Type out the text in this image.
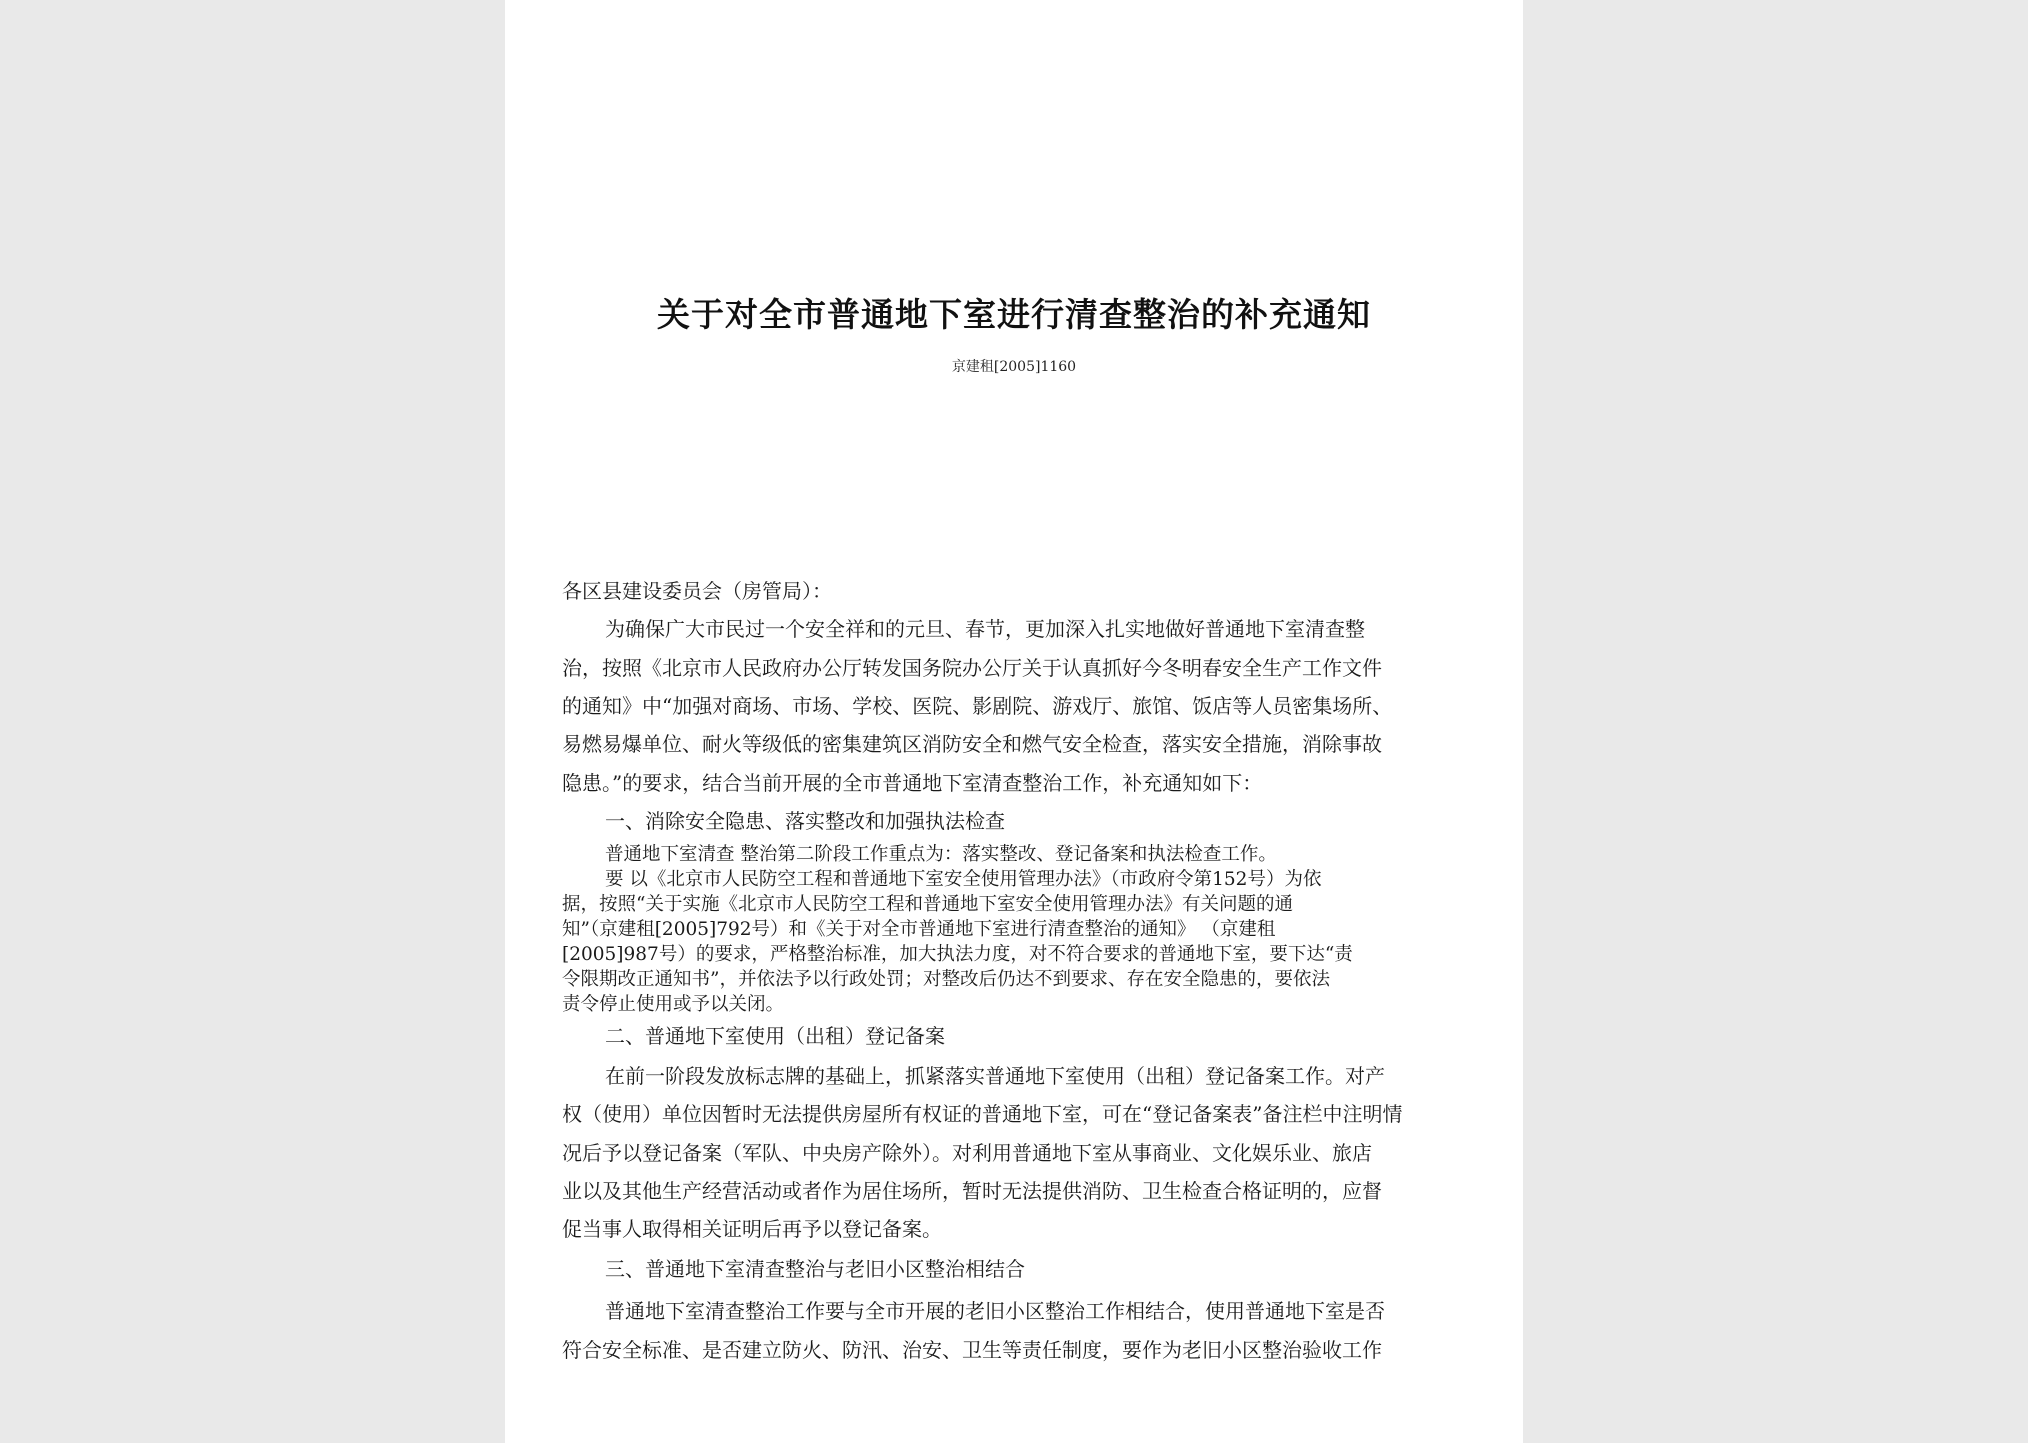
关于对全市普通地下室进行清查整治的补充通知
京建租[2005]1160
各区县建设委员会（房管局）：
为确保广大市民过一个安全祥和的元旦、春节，更加深入扎实地做好普通地下室清查整
治，按照《北京市人民政府办公厅转发国务院办公厅关于认真抓好今冬明春安全生产工作文件
的通知》中“加强对商场、市场、学校、医院、影剧院、游戏厅、旅馆、饭店等人员密集场所、
易燃易爆单位、耐火等级低的密集建筑区消防安全和燃气安全检查，落实安全措施，消除事故
隐患。”的要求，结合当前开展的全市普通地下室清查整治工作，补充通知如下：
一、消除安全隐患、落实整改和加强执法检查
普通地下室清查 整治第二阶段工作重点为：落实整改、登记备案和执法检查工作。
要 以《北京市人民防空工程和普通地下室安全使用管理办法》（市政府令第152号）为依
据，按照“关于实施《北京市人民防空工程和普通地下室安全使用管理办法》有关问题的通
知”（京建租[2005]792号）和《关于对全市普通地下室进行清查整治的通知》 （京建租
[2005]987号）的要求，严格整治标准，加大执法力度，对不符合要求的普通地下室，要下达“责
令限期改正通知书”，并依法予以行政处罚；对整改后仍达不到要求、存在安全隐患的，要依法
责令停止使用或予以关闭。
二、普通地下室使用（出租）登记备案
在前一阶段发放标志牌的基础上，抓紧落实普通地下室使用（出租）登记备案工作。对产
权（使用）单位因暂时无法提供房屋所有权证的普通地下室，可在“登记备案表”备注栏中注明情
况后予以登记备案（军队、中央房产除外）。对利用普通地下室从事商业、文化娱乐业、旅店
业以及其他生产经营活动或者作为居住场所，暂时无法提供消防、卫生检查合格证明的，应督
促当事人取得相关证明后再予以登记备案。
三、普通地下室清查整治与老旧小区整治相结合
普通地下室清查整治工作要与全市开展的老旧小区整治工作相结合，使用普通地下室是否
符合安全标准、是否建立防火、防汛、治安、卫生等责任制度，要作为老旧小区整治验收工作
